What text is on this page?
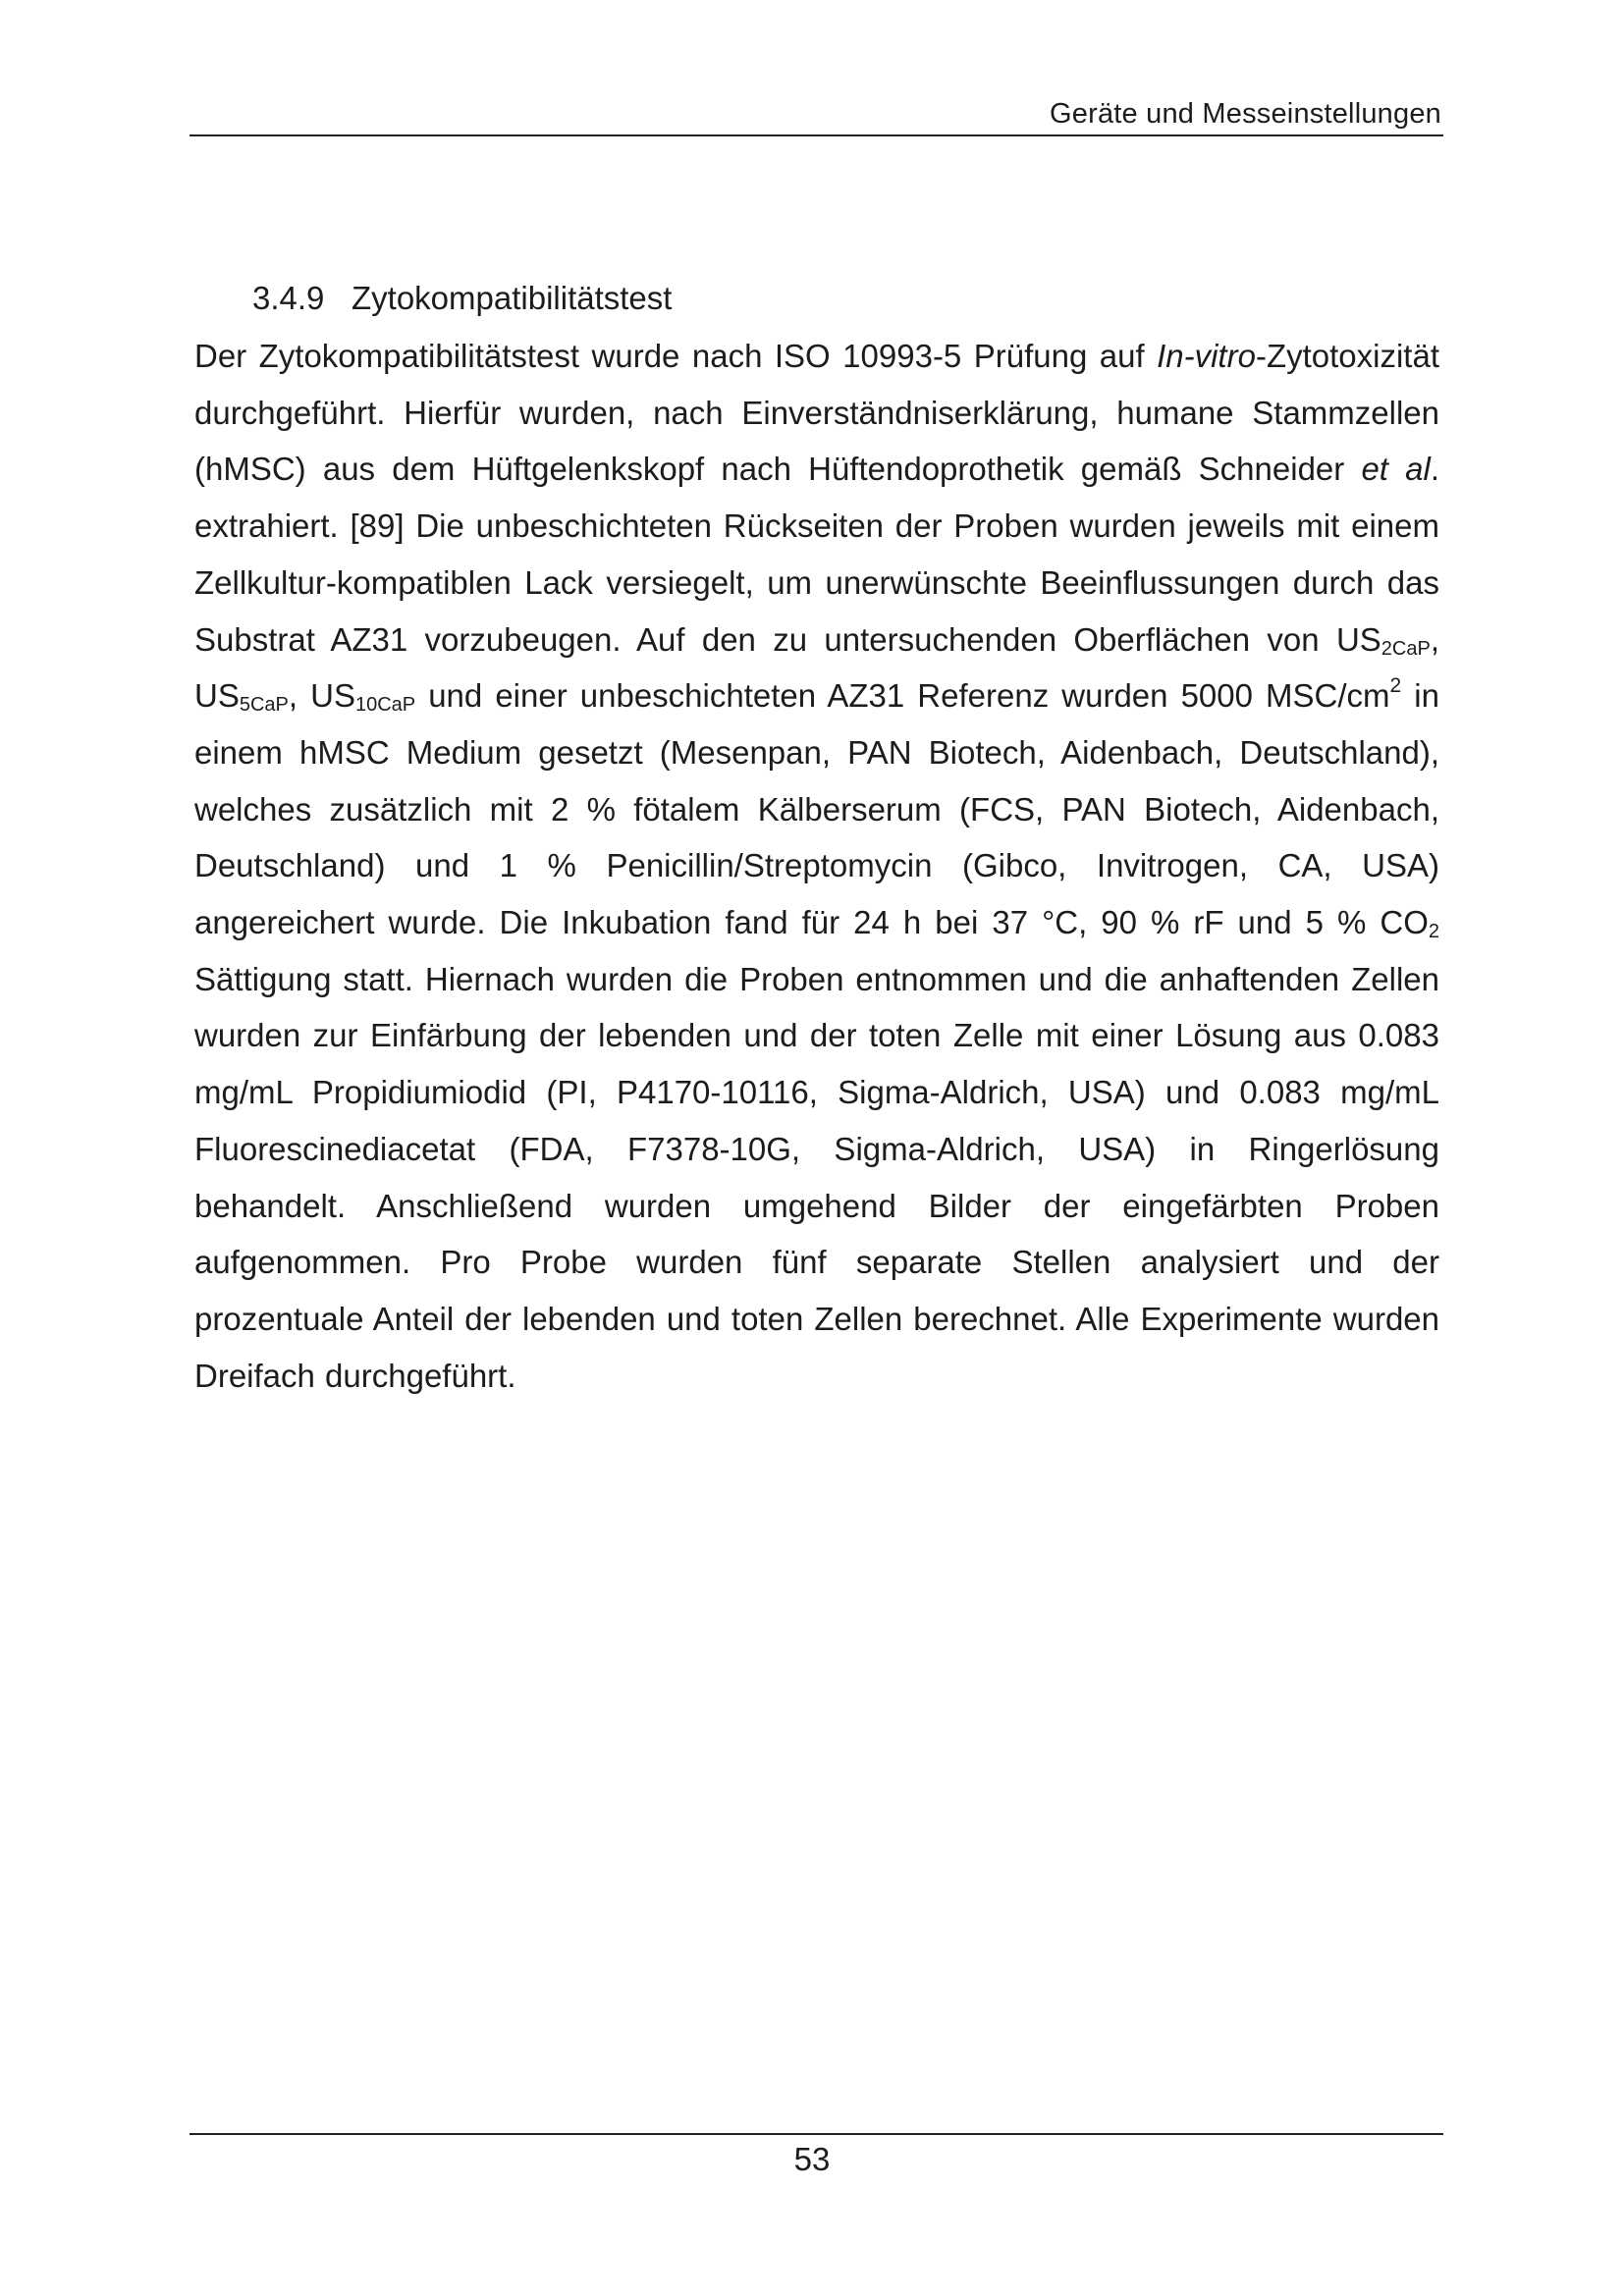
Geräte und Messeinstellungen
3.4.9 Zytokompatibilitätstest

Der Zytokompatibilitätstest wurde nach ISO 10993-5 Prüfung auf In-vitro-Zytotoxizität durchgeführt. Hierfür wurden, nach Einverständniserklärung, humane Stammzellen (hMSC) aus dem Hüftgelenkskopf nach Hüftendoprothetik gemäß Schneider et al. extrahiert. [89] Die unbeschichteten Rückseiten der Proben wurden jeweils mit einem Zellkultur-kompatiblen Lack versiegelt, um unerwünschte Beeinflussungen durch das Substrat AZ31 vorzubeugen. Auf den zu untersuchenden Oberflächen von $US_{2CaP}$, $US_{5CaP}$, $US_{10CaP}$ und einer unbeschichteten AZ31 Referenz wurden 5000 MSC/$cm^2$ in einem hMSC Medium gesetzt (Mesenpan, PAN Biotech, Aidenbach, Deutschland), welches zusätzlich mit 2 % fötalem Kälberserum (FCS, PAN Biotech, Aidenbach, Deutschland) und 1 % Penicillin/Streptomycin (Gibco, Invitrogen, CA, USA) angereichert wurde. Die Inkubation fand für 24 h bei 37 °C, 90 % rF und 5 % $CO_2$ Sättigung statt. Hiernach wurden die Proben entnommen und die anhaftenden Zellen wurden zur Einfärbung der lebenden und der toten Zelle mit einer Lösung aus 0.083 mg/mL Propidiumiodid (PI, P4170-10116, Sigma-Aldrich, USA) und 0.083 mg/mL Fluorescinediacetat (FDA, F7378-10G, Sigma-Aldrich, USA) in Ringerlösung behandelt. Anschließend wurden umgehend Bilder der eingefärbten Proben aufgenommen. Pro Probe wurden fünf separate Stellen analysiert und der prozentuale Anteil der lebenden und toten Zellen berechnet. Alle Experimente wurden Dreifach durchgeführt.

53
